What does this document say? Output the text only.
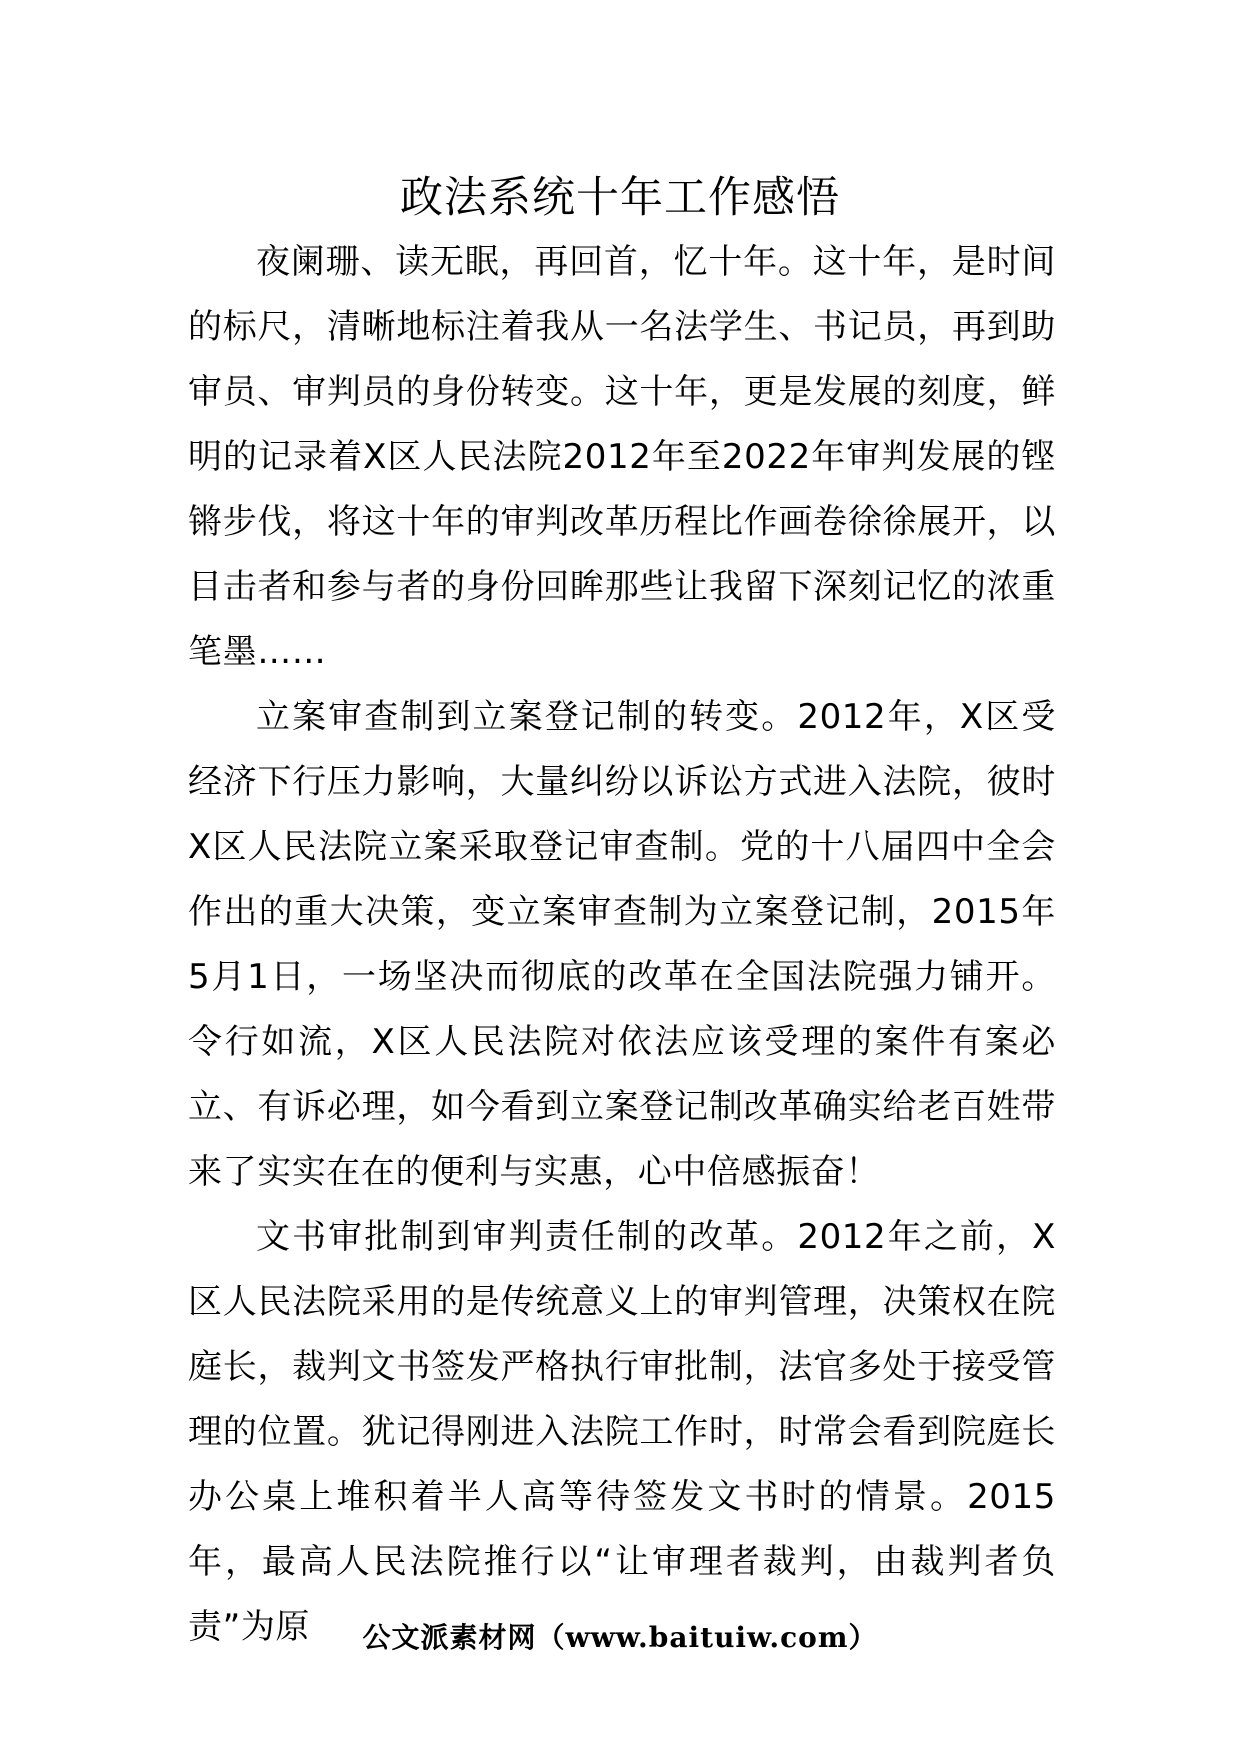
政法系统十年工作感悟

夜阑珊、读无眠，再回首，忆十年。这十年，是时间的标尺，清晰地标注着我从一名法学生、书记员，再到助审员、审判员的身份转变。这十年，更是发展的刻度，鲜明的记录着X区人民法院2012年至2022年审判发展的铿锵步伐，将这十年的审判改革历程比作画卷徐徐展开，以目击者和参与者的身份回眸那些让我留下深刻记忆的浓重笔墨……

立案审查制到立案登记制的转变。2012年，X区受经济下行压力影响，大量纠纷以诉讼方式进入法院，彼时X区人民法院立案采取登记审查制。党的十八届四中全会作出的重大决策，变立案审查制为立案登记制，2015年5月1日，一场坚决而彻底的改革在全国法院强力铺开。令行如流，X区人民法院对依法应该受理的案件有案必立、有诉必理，如今看到立案登记制改革确实给老百姓带来了实实在在的便利与实惠，心中倍感振奋！

文书审批制到审判责任制的改革。2012年之前，X区人民法院采用的是传统意义上的审判管理，决策权在院庭长，裁判文书签发严格执行审批制，法官多处于接受管理的位置。犹记得刚进入法院工作时，时常会看到院庭长办公桌上堆积着半人高等待签发文书时的情景。2015年，最高人民法院推行以“让审理者裁判，由裁判者负责”为原	公文派素材网（www.baituiw.com）
